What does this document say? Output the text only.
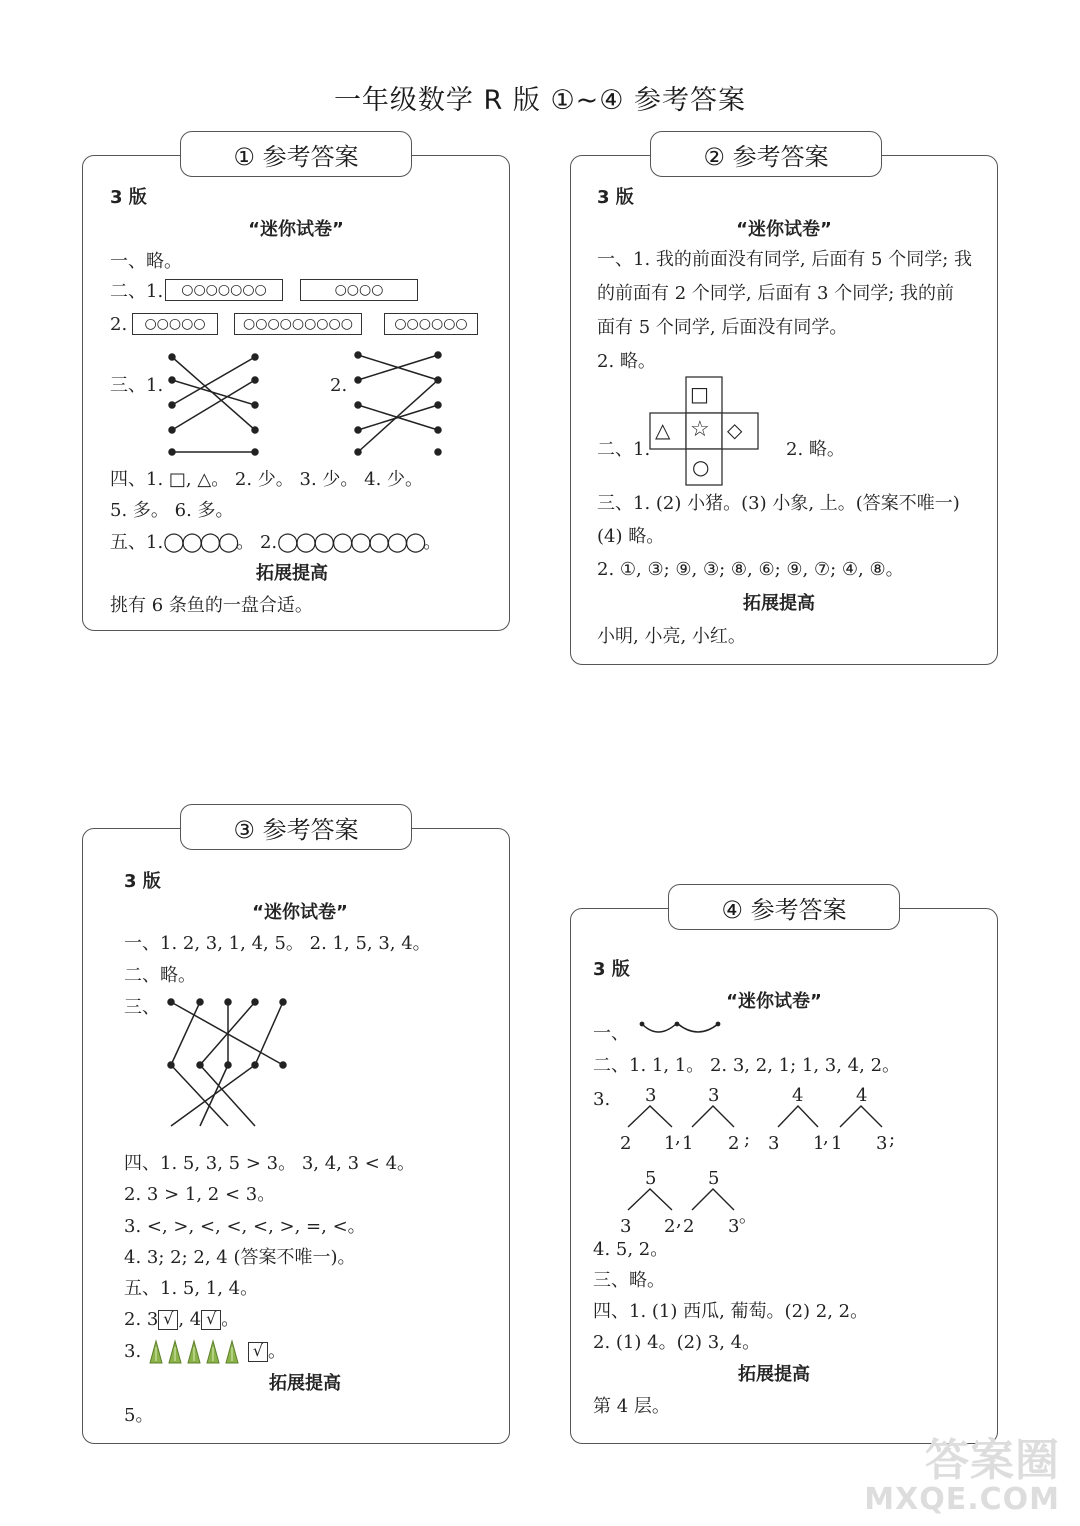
一年级数学 R 版 ①~④ 参考答案
① 参考答案
3 版
“迷你试卷”
一、略。
二、1.	○○○○○○○	○○○○
2.	○○○○○	○○○○○○○○○	○○○○○○
三、1.	2.
四、1. □, △。 2. 少。 3. 少。 4. 少。
5. 多。 6. 多。
五、1.◯◯◯◯。 2.◯◯◯◯◯◯◯◯。
拓展提高
挑有 6 条鱼的一盘合适。
② 参考答案
3 版
“迷你试卷”
一、1. 我的前面没有同学, 后面有 5 个同学; 我
的前面有 2 个同学, 后面有 3 个同学; 我的前
面有 5 个同学, 后面没有同学。
2. 略。
二、1.	2. 略。
□
△ ☆ ◇
○
三、1. (2) 小猪。(3) 小象, 上。(答案不唯一)
(4) 略。
2. ①, ③; ⑨, ③; ⑧, ⑥; ⑨, ⑦; ④, ⑧。
拓展提高
小明, 小亮, 小红。
③ 参考答案
3 版
“迷你试卷”
一、1. 2, 3, 1, 4, 5。 2. 1, 5, 3, 4。
二、略。
三、
四、1. 5, 3, 5 > 3。 3, 4, 3 < 4。
2. 3 > 1, 2 < 3。
3. <, >, <, <, <, >, =, <。
4. 3; 2; 2, 4 (答案不唯一)。
五、1. 5, 1, 4。
2. 3 √ , 4 √ 。
3.	√ 。
拓展提高
5。
④ 参考答案
3 版
“迷你试卷”
一、
二、1. 1, 1。 2. 3, 2, 1; 1, 3, 4, 2。
3. 3
2 1 ,
3
1 2 ;
4
3 1
,
4
1 3 ;
5
3 2 ,
5
2 3 。
4. 5, 2。
三、略。
四、1. (1) 西瓜, 葡萄。(2) 2, 2。
2. (1) 4。(2) 3, 4。
拓展提高
第 4 层。
答案圈
MXQE.COM
